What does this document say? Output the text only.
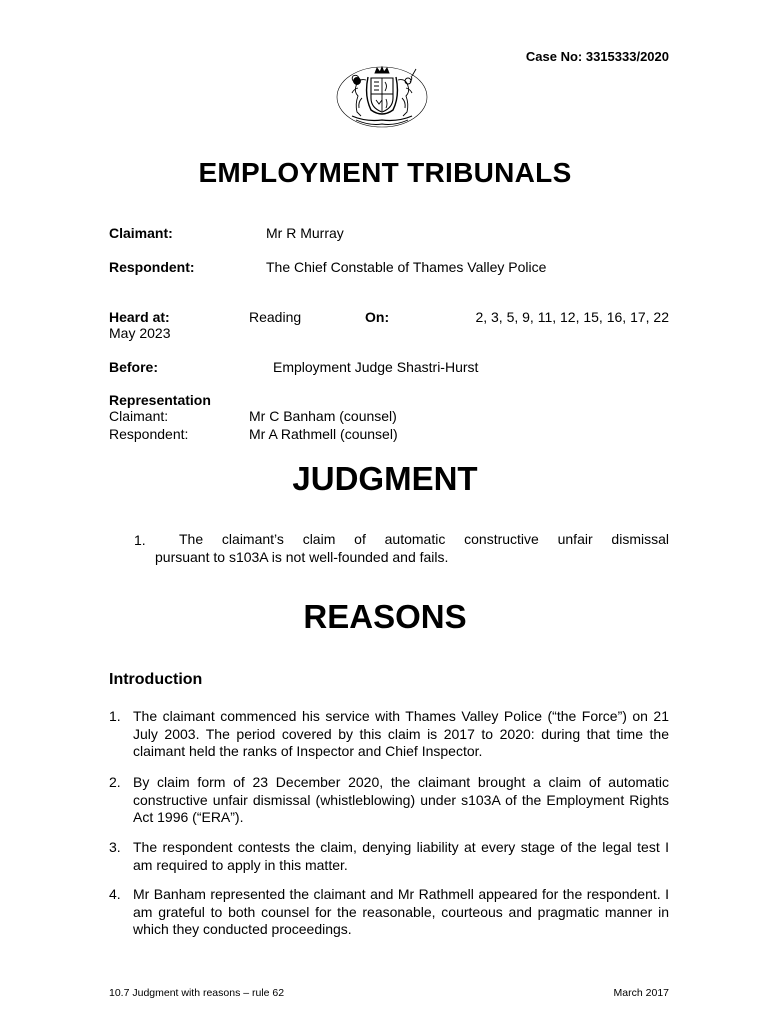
Case No: 3315333/2020
EMPLOYMENT TRIBUNALS
Claimant:	Mr R Murray
Respondent:	The Chief Constable of Thames Valley Police
Heard at:	Reading	On:	2, 3, 5, 9, 11, 12, 15, 16, 17, 22
May 2023
Before:	Employment Judge Shastri-Hurst
Representation
Claimant:	Mr C Banham (counsel)
Respondent:	Mr A Rathmell (counsel)
JUDGMENT
1. The claimant’s claim of automatic constructive unfair dismissal
pursuant to s103A is not well-founded and fails.
REASONS
Introduction
1. The claimant commenced his service with Thames Valley Police (“the Force”) on 21 July 2003. The period covered by this claim is 2017 to 2020: during that time the claimant held the ranks of Inspector and Chief Inspector.
2. By claim form of 23 December 2020, the claimant brought a claim of automatic constructive unfair dismissal (whistleblowing) under s103A of the Employment Rights Act 1996 (“ERA”).
3. The respondent contests the claim, denying liability at every stage of the legal test I am required to apply in this matter.
4. Mr Banham represented the claimant and Mr Rathmell appeared for the respondent. I am grateful to both counsel for the reasonable, courteous and pragmatic manner in which they conducted proceedings.
10.7 Judgment with reasons – rule 62	March 2017
